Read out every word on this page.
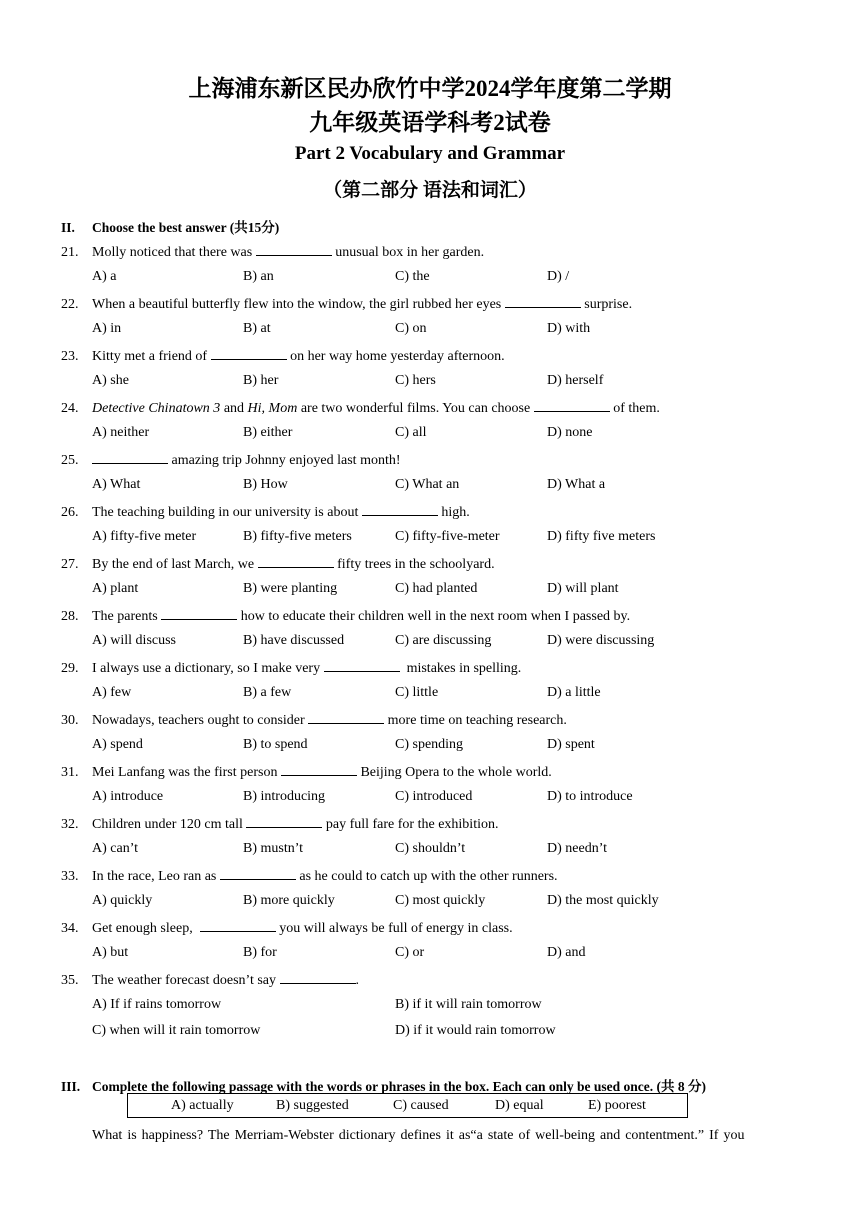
上海浦东新区民办欣竹中学2024学年度第二学期
九年级英语学科考2试卷
Part 2 Vocabulary and Grammar
（第二部分 语法和词汇）
II. Choose the best answer (共15分)
21. Molly noticed that there was	unusual box in her garden.
A) a	B) an	C) the	D) /
22. When a beautiful butterfly flew into the window, the girl rubbed her eyes	surprise.
A) in	B) at	C) on	D) with
23. Kitty met a friend of	on her way home yesterday afternoon.
A) she	B) her	C) hers	D) herself
24. Detective Chinatown 3 and Hi, Mom are two wonderful films. You can choose	of them.
A) neither	B) either	C) all	D) none
25.	amazing trip Johnny enjoyed last month!
A) What	B) How	C) What an	D) What a
26. The teaching building in our university is about	high.
A) fifty-five meter	B) fifty-five meters	C) fifty-five-meter	D) fifty five meters
27. By the end of last March, we	fifty trees in the schoolyard.
A) plant	B) were planting	C) had planted	D) will plant
28. The parents	how to educate their children well in the next room when I passed by.
A) will discuss	B) have discussed	C) are discussing	D) were discussing
29. I always use a dictionary, so I make very	mistakes in spelling.
A) few	B) a few	C) little	D) a little
30. Nowadays, teachers ought to consider	more time on teaching research.
A) spend	B) to spend	C) spending	D) spent
31. Mei Lanfang was the first person	Beijing Opera to the whole world.
A) introduce	B) introducing	C) introduced	D) to introduce
32. Children under 120 cm tall	pay full fare for the exhibition.
A) can’t	B) mustn’t	C) shouldn’t	D) needn’t
33. In the race, Leo ran as	as he could to catch up with the other runners.
A) quickly	B) more quickly	C) most quickly	D) the most quickly
34. Get enough sleep,	you will always be full of energy in class.
A) but	B) for	C) or	D) and
35. The weather forecast doesn’t say	.
A) If if rains tomorrow	B) if it will rain tomorrow
C) when will it rain tomorrow	D) if it would rain tomorrow
III. Complete the following passage with the words or phrases in the box. Each can only be used once. (共 8 分)
A) actually	B) suggested	C) caused	D) equal	E) poorest
What is happiness? The Merriam-Webster dictionary defines it as“a state of well-being and contentment.” If you
